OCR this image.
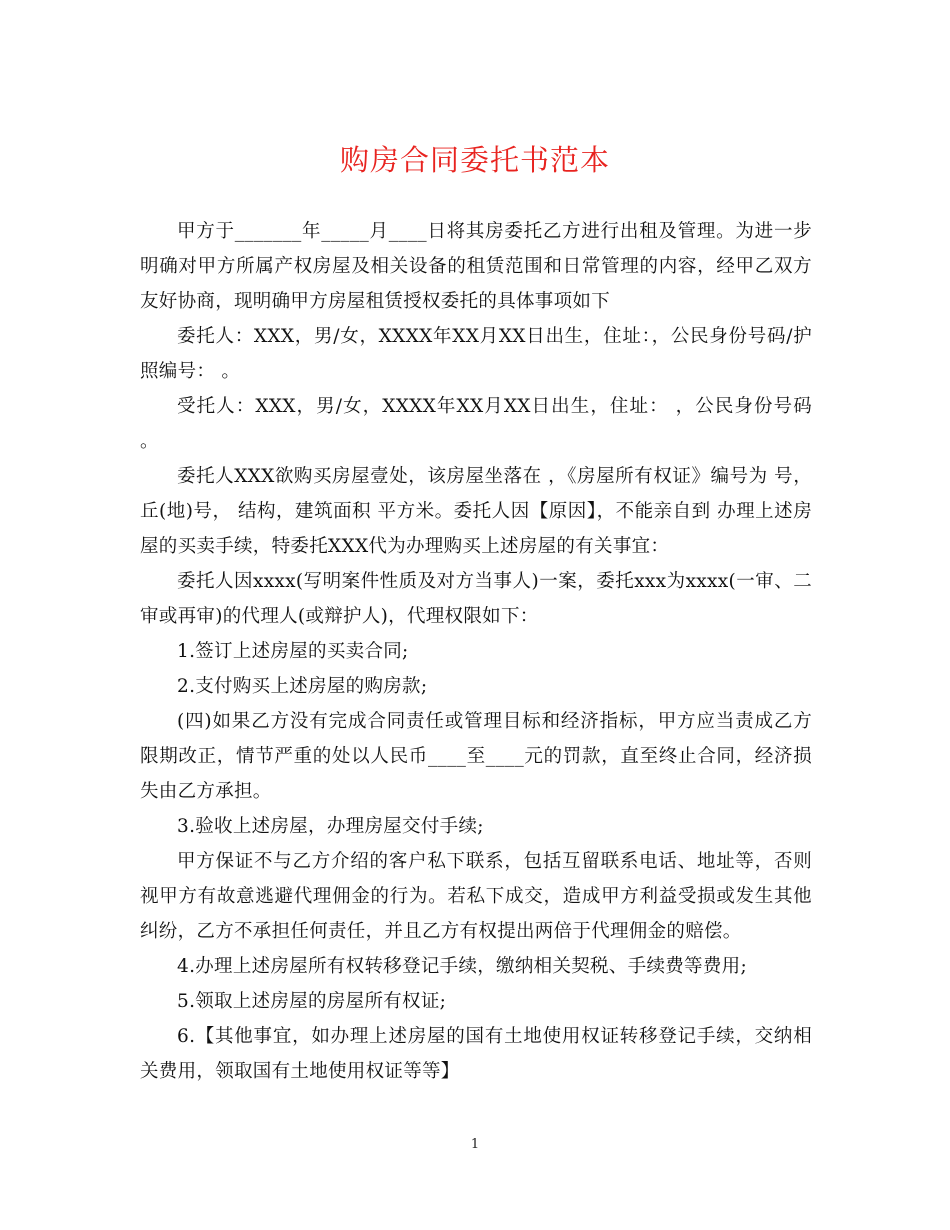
购房合同委托书范本

甲方于_______年_____月____日将其房委托乙方进行出租及管理。为进一步明确对甲方所属产权房屋及相关设备的租赁范围和日常管理的内容，经甲乙双方友好协商，现明确甲方房屋租赁授权委托的具体事项如下

委托人：XXX，男/女，XXXX年XX月XX日出生，住址：，公民身份号码/护照编号： 。

受托人：XXX，男/女，XXXX年XX月XX日出生，住址： ，公民身份号码 。

委托人XXX欲购买房屋壹处，该房屋坐落在 ，《房屋所有权证》编号为 号，丘(地)号， 结构，建筑面积 平方米。委托人因【原因】，不能亲自到 办理上述房屋的买卖手续，特委托XXX代为办理购买上述房屋的有关事宜：

委托人因xxxx(写明案件性质及对方当事人)一案，委托xxx为xxxx(一审、二审或再审)的代理人(或辩护人)，代理权限如下：

1.签订上述房屋的买卖合同;

2.支付购买上述房屋的购房款;

(四)如果乙方没有完成合同责任或管理目标和经济指标，甲方应当责成乙方限期改正，情节严重的处以人民币____至____元的罚款，直至终止合同，经济损失由乙方承担。

3.验收上述房屋，办理房屋交付手续;

甲方保证不与乙方介绍的客户私下联系，包括互留联系电话、地址等，否则视甲方有故意逃避代理佣金的行为。若私下成交，造成甲方利益受损或发生其他纠纷，乙方不承担任何责任，并且乙方有权提出两倍于代理佣金的赔偿。

4.办理上述房屋所有权转移登记手续，缴纳相关契税、手续费等费用;

5.领取上述房屋的房屋所有权证;

6.【其他事宜，如办理上述房屋的国有土地使用权证转移登记手续，交纳相关费用，领取国有土地使用权证等等】

1
